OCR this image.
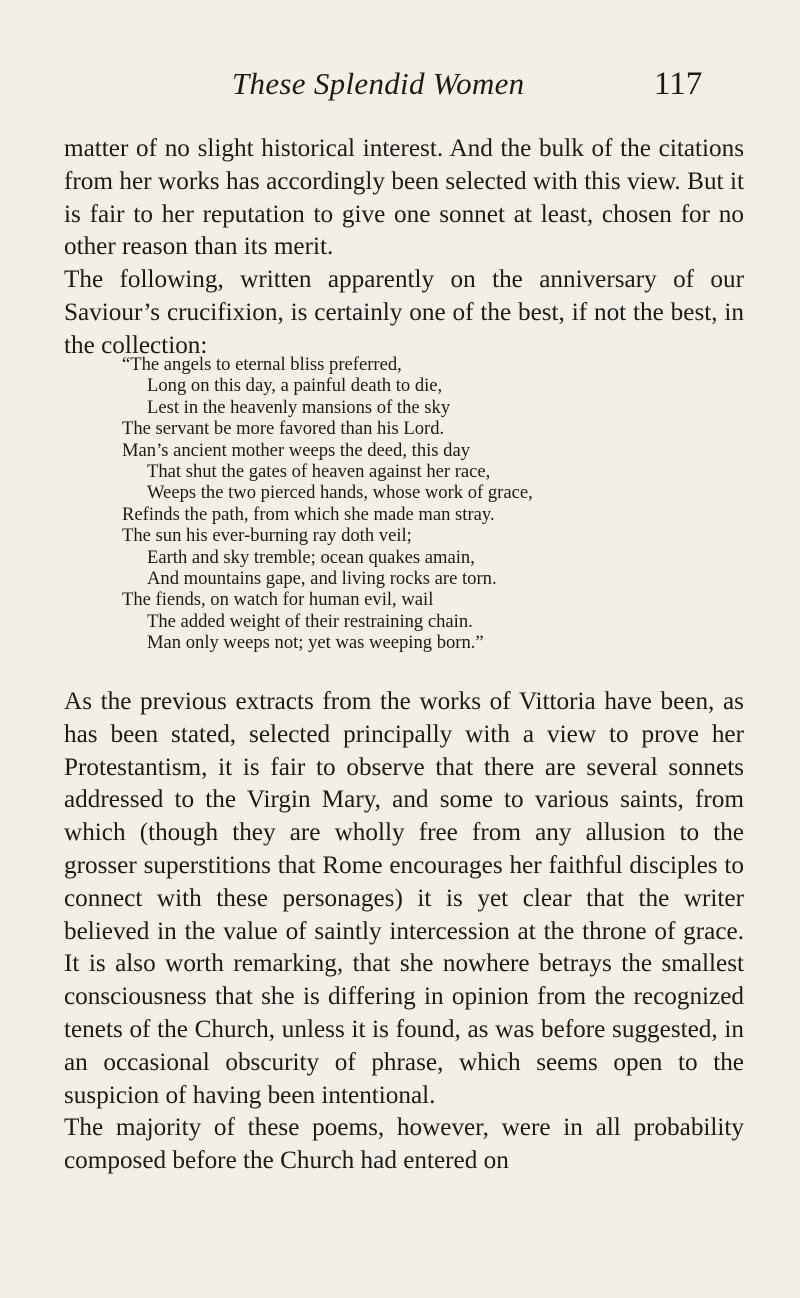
These Splendid Women	117

matter of no slight historical interest. And the bulk of the citations from her works has accordingly been selected with this view. But it is fair to her reputation to give one sonnet at least, chosen for no other reason than its merit.

The following, written apparently on the anniversary of our Saviour’s crucifixion, is certainly one of the best, if not the best, in the collection:

“The angels to eternal bliss preferred,
Long on this day, a painful death to die,
Lest in the heavenly mansions of the sky
The servant be more favored than his Lord.
Man’s ancient mother weeps the deed, this day
That shut the gates of heaven against her race,
Weeps the two pierced hands, whose work of grace,
Refinds the path, from which she made man stray.
The sun his ever-burning ray doth veil;
Earth and sky tremble; ocean quakes amain,
And mountains gape, and living rocks are torn.
The fiends, on watch for human evil, wail
The added weight of their restraining chain.
Man only weeps not; yet was weeping born.”

As the previous extracts from the works of Vittoria have been, as has been stated, selected principally with a view to prove her Protestantism, it is fair to observe that there are several sonnets addressed to the Virgin Mary, and some to various saints, from which (though they are wholly free from any allusion to the grosser superstitions that Rome encourages her faithful disciples to connect with these personages) it is yet clear that the writer believed in the value of saintly intercession at the throne of grace. It is also worth remarking, that she nowhere betrays the smallest consciousness that she is differing in opinion from the recognized tenets of the Church, unless it is found, as was before suggested, in an occasional obscurity of phrase, which seems open to the suspicion of having been intentional.

The majority of these poems, however, were in all probability composed before the Church had entered on
